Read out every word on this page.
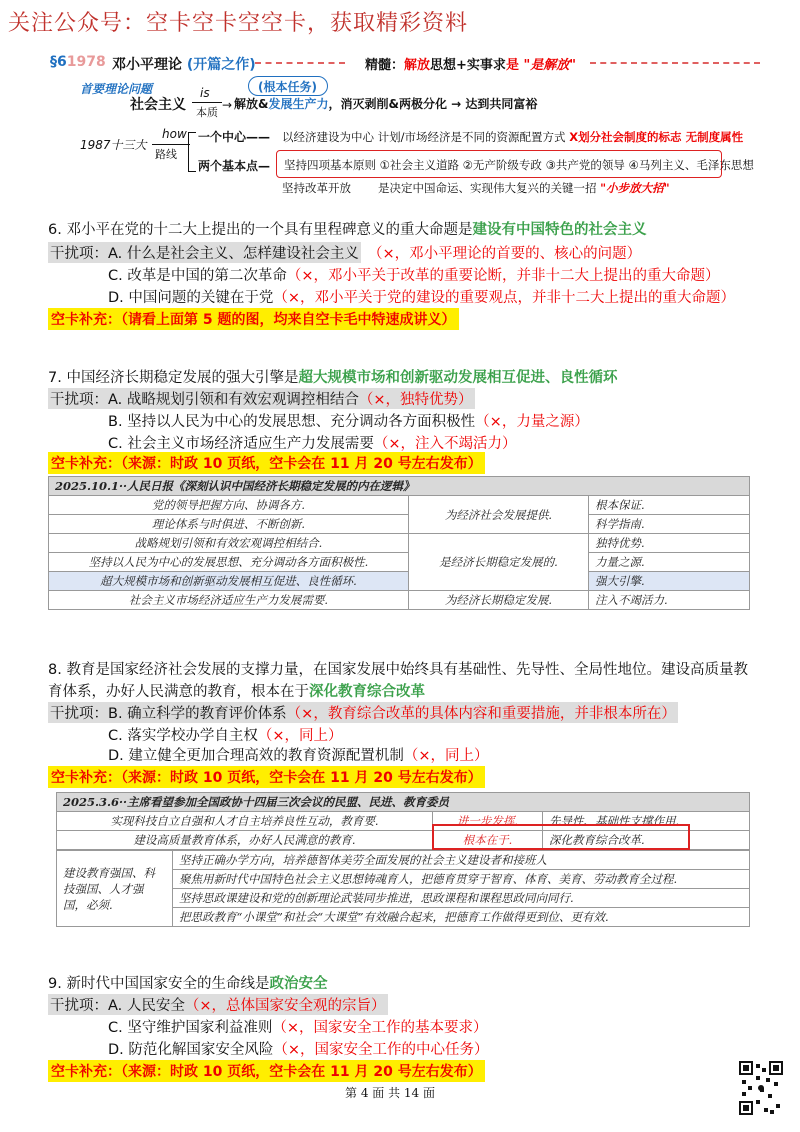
关注公众号：空卡空卡空空卡，获取精彩资料
§61978 邓小平理论 (开篇之作)	精髓：解放思想+实事求是 "是解放"
首要理论问题	(根本任务)
is
本质
社会主义	→ 解放&发展生产力，消灭剥削&两极分化 → 达到共同富裕
1987十三大
how
路线
一个中心—— 以经济建设为中心 计划/市场经济是不同的资源配置方式 X划分社会制度的标志 无制度属性
两个基本点— 坚持四项基本原则 ①社会主义道路 ②无产阶级专政 ③共产党的领导 ④马列主义、毛泽东思想
坚持改革开放 是决定中国命运、实现伟大复兴的关键一招 "小步放大招"
6. 邓小平在党的十二大上提出的一个具有里程碑意义的重大命题是建设有中国特色的社会主义
干扰项：A. 什么是社会主义、怎样建设社会主义 （×，邓小平理论的首要的、核心的问题）
C. 改革是中国的第二次革命（×，邓小平关于改革的重要论断，并非十二大上提出的重大命题）
D. 中国问题的关键在于党（×，邓小平关于党的建设的重要观点，并非十二大上提出的重大命题）
空卡补充：（请看上面第 5 题的图，均来自空卡毛中特速成讲义）
7. 中国经济长期稳定发展的强大引擎是超大规模市场和创新驱动发展相互促进、良性循环
干扰项：A. 战略规划引领和有效宏观调控相结合（×，独特优势）
B. 坚持以人民为中心的发展思想、充分调动各方面积极性（×，力量之源）
C. 社会主义市场经济适应生产力发展需要（×，注入不竭活力）
空卡补充：（来源：时政 10 页纸，空卡会在 11 月 20 号左右发布）
2025.10.1··人民日报《深刻认识中国经济长期稳定发展的内在逻辑》		
党的领导把握方向、协调各方.	为经济社会发展提供.	根本保证.
理论体系与时俱进、不断创新.		科学指南.
战略规划引领和有效宏观调控相结合.	是经济长期稳定发展的.	独特优势.
坚持以人民为中心的发展思想、充分调动各方面积极性.		力量之源.
超大规模市场和创新驱动发展相互促进、良性循环.		强大引擎.
社会主义市场经济适应生产力发展需要.	为经济长期稳定发展.	注入不竭活力.
8. 教育是国家经济社会发展的支撑力量，在国家发展中始终具有基础性、先导性、全局性地位。建设高质量教
育体系，办好人民满意的教育，根本在于深化教育综合改革
干扰项：B. 确立科学的教育评价体系（×，教育综合改革的具体内容和重要措施，并非根本所在）
C. 落实学校办学自主权（×，同上）
D. 建立健全更加合理高效的教育资源配置机制（×，同上）
空卡补充：（来源：时政 10 页纸，空卡会在 11 月 20 号左右发布）
2025.3.6··主席看望参加全国政协十四届三次会议的民盟、民进、教育委员		
实现科技自立自强和人才自主培养良性互动，教育要.	进一步发挥.	先导性、基础性支撑作用.
建设高质量教育体系，办好人民满意的教育.	根本在于.	深化教育综合改革.
建设教育强国、科技强国、人才强国，必须.	坚持正确办学方向，培养德智体美劳全面发展的社会主义建设者和接班人
聚焦用新时代中国特色社会主义思想铸魂育人，把德育贯穿于智育、体育、美育、劳动教育全过程.
坚持思政课建设和党的创新理论武装同步推进，思政课程和课程思政同向同行.
把思政教育“小课堂”和社会“大课堂”有效融合起来，把德育工作做得更到位、更有效.
9. 新时代中国国家安全的生命线是政治安全
干扰项：A. 人民安全（×，总体国家安全观的宗旨）
C. 坚守维护国家利益准则（×，国家安全工作的基本要求）
D. 防范化解国家安全风险（×，国家安全工作的中心任务）
空卡补充：（来源：时政 10 页纸，空卡会在 11 月 20 号左右发布）
第 4 面 共 14 面
